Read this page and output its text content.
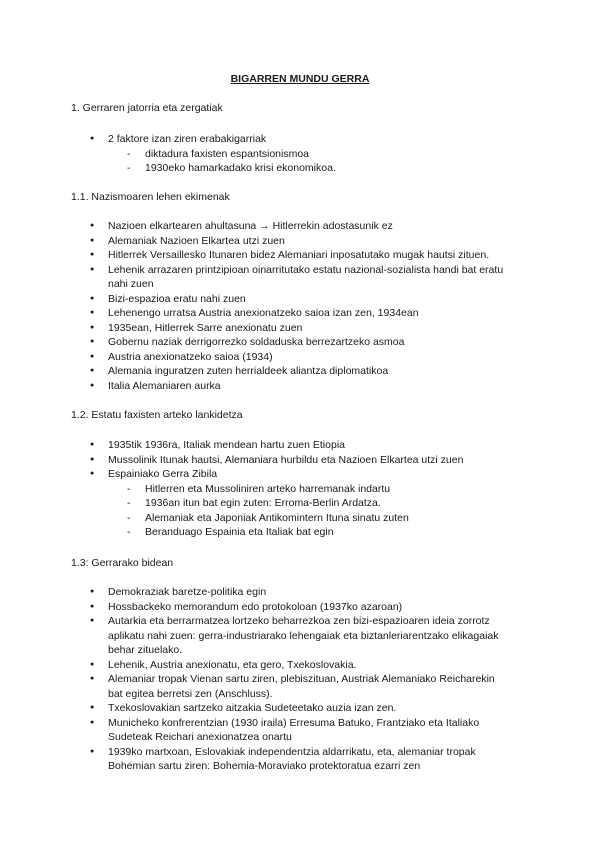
BIGARREN MUNDU GERRA
1. Gerraren jatorria eta zergatiak
● 2 faktore izan ziren erabakigarriak
- diktadura faxisten espantsionismoa
- 1930eko hamarkadako krisi ekonomikoa.
1.1. Nazismoaren lehen ekimenak
● Nazioen elkartearen ahultasuna → Hitlerrekin adostasunik ez
● Alemaniak Nazioen Elkartea utzi zuen
● Hitlerrek Versaillesko Itunaren bidez Alemaniari inposatutako mugak hautsi zituen.
● Lehenik arrazaren printzipioan oinarritutako estatu nazional-sozialista handi bat eratu nahi zuen
● Bizi-espazioa eratu nahi zuen
● Lehenengo urratsa Austria anexionatzeko saioa izan zen, 1934ean
● 1935ean, Hitlerrek Sarre anexionatu zuen
● Gobernu naziak derrigorrezko soldaduska berrezartzeko asmoa
● Austria anexionatzeko saioa (1934)
● Alemania inguratzen zuten herrialdeek aliantza diplomatikoa
● Italia Alemaniaren aurka
1.2. Estatu faxisten arteko lankidetza
● 1935tik 1936ra, Italiak mendean hartu zuen Etiopia
● Mussolinik Itunak hautsi, Alemaniara hurbildu eta Nazioen Elkartea utzi zuen
● Espainiako Gerra Zibila
- Hitlerren eta Mussoliniren arteko harremanak indartu
- 1936an itun bat egin zuten: Erroma-Berlin Ardatza.
- Alemaniak eta Japoniak Antikomintern Ituna sinatu zuten
- Beranduago Espainia eta Italiak bat egin
1.3: Gerrarako bidean
● Demokraziak baretze-politika egin
● Hossbackeko memorandum edo protokoloan (1937ko azaroan)
● Autarkia eta berrarmatzea lortzeko beharrezkoa zen bizi-espazioaren ideia zorrotz aplikatu nahi zuen: gerra-industriarako lehengaiak eta biztanleriarentzako elikagaiak behar zituelako.
● Lehenik, Austria anexionatu, eta gero, Txekoslovakia.
● Alemaniar tropak Vienan sartu ziren, plebiszituan, Austriak Alemaniako Reicharekin bat egitea berretsi zen (Anschluss).
● Txekoslovakian sartzeko aitzakia Sudeteetako auzia izan zen.
● Municheko konfrerentzian (1930 iraila) Erresuma Batuko, Frantziako eta Italiako Sudeteak Reichari anexionatzea onartu
● 1939ko martxoan, Eslovakiak independentzia aldarrikatu, eta, alemaniar tropak Bohemian sartu ziren: Bohemia-Moraviako protektoratua ezarri zen
